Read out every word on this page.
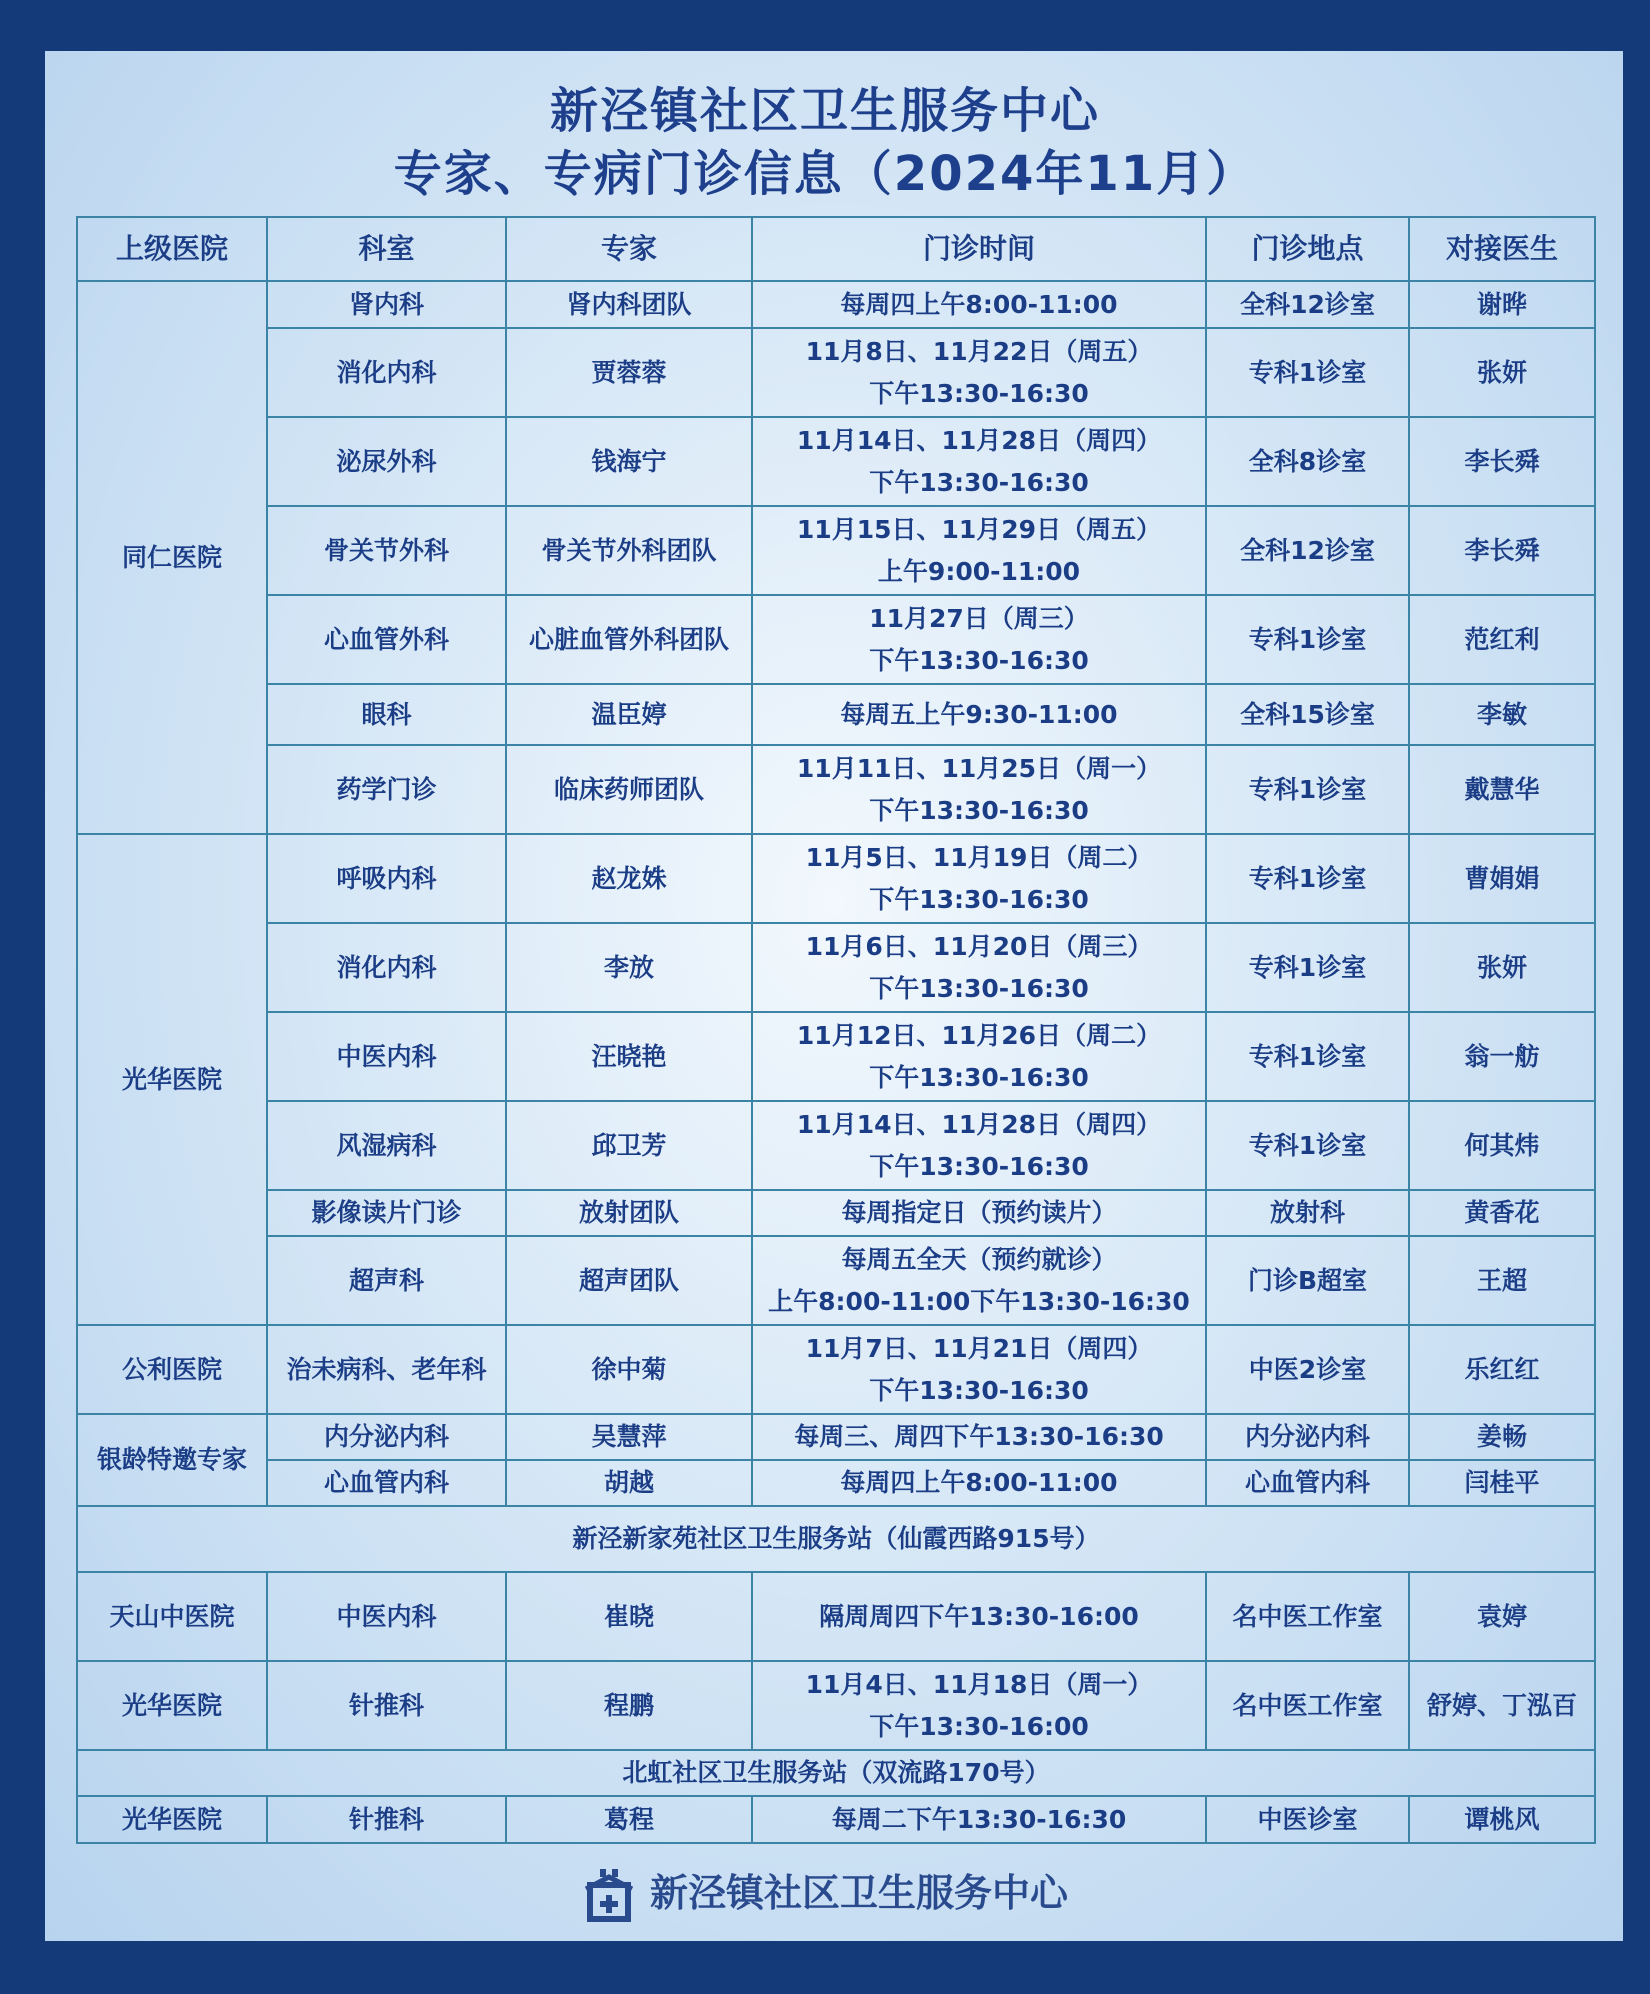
新泾镇社区卫生服务中心
专家、专病门诊信息（2024年11月）
上级医院	科室	专家	门诊时间	门诊地点	对接医生
同仁医院	肾内科	肾内科团队	每周四上午8:00-11:00	全科12诊室	谢晔
	消化内科	贾蓉蓉	11月8日、11月22日（周五）
下午13:30-16:30	专科1诊室	张妍
	泌尿外科	钱海宁	11月14日、11月28日（周四）
下午13:30-16:30	全科8诊室	李长舜
	骨关节外科	骨关节外科团队	11月15日、11月29日（周五）
上午9:00-11:00	全科12诊室	李长舜
	心血管外科	心脏血管外科团队	11月27日（周三）
下午13:30-16:30	专科1诊室	范红利
	眼科	温臣婷	每周五上午9:30-11:00	全科15诊室	李敏
	药学门诊	临床药师团队	11月11日、11月25日（周一）
下午13:30-16:30	专科1诊室	戴慧华
光华医院	呼吸内科	赵龙姝	11月5日、11月19日（周二）
下午13:30-16:30	专科1诊室	曹娟娟
	消化内科	李放	11月6日、11月20日（周三）
下午13:30-16:30	专科1诊室	张妍
	中医内科	汪晓艳	11月12日、11月26日（周二）
下午13:30-16:30	专科1诊室	翁一舫
	风湿病科	邱卫芳	11月14日、11月28日（周四）
下午13:30-16:30	专科1诊室	何其炜
	影像读片门诊	放射团队	每周指定日（预约读片）	放射科	黄香花
	超声科	超声团队	每周五全天（预约就诊）
上午8:00-11:00下午13:30-16:30	门诊B超室	王超
公利医院	治未病科、老年科	徐中菊	11月7日、11月21日（周四）
下午13:30-16:30	中医2诊室	乐红红
银龄特邀专家	内分泌内科	吴慧萍	每周三、周四下午13:30-16:30	内分泌内科	姜畅
	心血管内科	胡越	每周四上午8:00-11:00	心血管内科	闫桂平
新泾新家苑社区卫生服务站（仙霞西路915号）					
天山中医院	中医内科	崔晓	隔周周四下午13:30-16:00	名中医工作室	袁婷
光华医院	针推科	程鹏	11月4日、11月18日（周一）
下午13:30-16:00	名中医工作室	舒婷、丁泓百
北虹社区卫生服务站（双流路170号）					
光华医院	针推科	葛程	每周二下午13:30-16:30	中医诊室	谭桃风
新泾镇社区卫生服务中心
